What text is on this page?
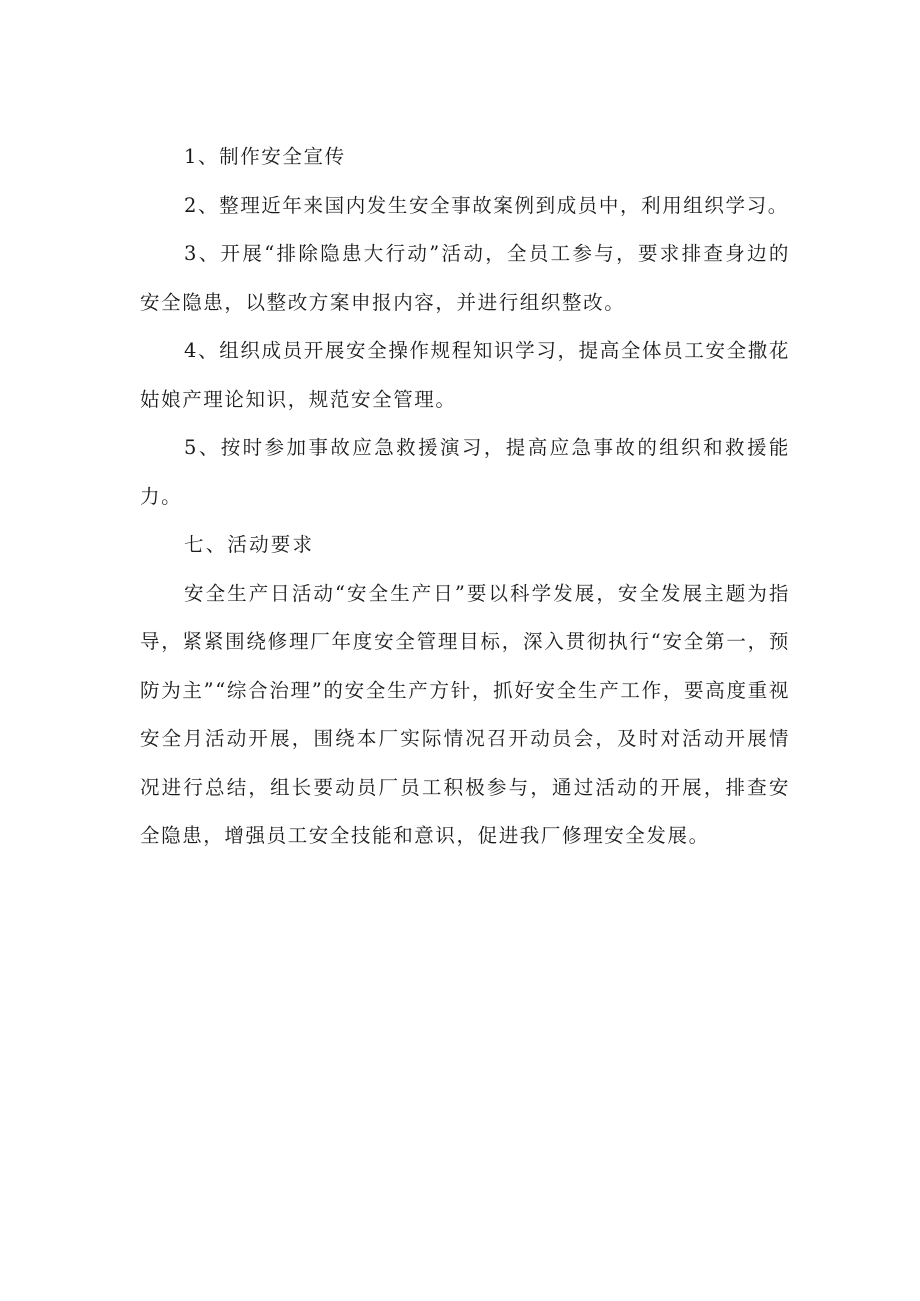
1、制作安全宣传

2、整理近年来国内发生安全事故案例到成员中，利用组织学习。

3、开展“排除隐患大行动”活动，全员工参与，要求排查身边的安全隐患，以整改方案申报内容，并进行组织整改。

4、组织成员开展安全操作规程知识学习，提高全体员工安全撒花姑娘产理论知识，规范安全管理。

5、按时参加事故应急救援演习，提高应急事故的组织和救援能力。

七、活动要求

安全生产日活动“安全生产日”要以科学发展，安全发展主题为指导，紧紧围绕修理厂年度安全管理目标，深入贯彻执行“安全第一，预防为主”“综合治理”的安全生产方针，抓好安全生产工作，要高度重视安全月活动开展，围绕本厂实际情况召开动员会，及时对活动开展情况进行总结，组长要动员厂员工积极参与，通过活动的开展，排查安全隐患，增强员工安全技能和意识，促进我厂修理安全发展。
